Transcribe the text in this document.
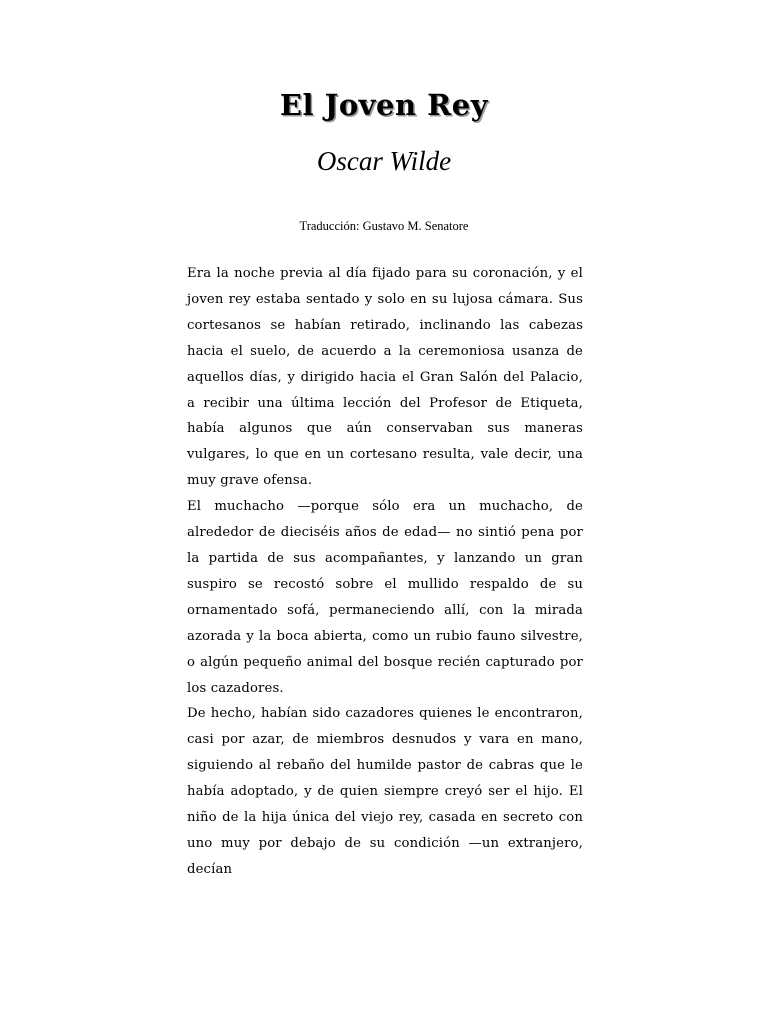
El Joven Rey
Oscar Wilde
Traducción: Gustavo M. Senatore

Era la noche previa al día fijado para su coronación, y el joven rey estaba sentado y solo en su lujosa cámara. Sus cortesanos se habían retirado, inclinando las cabezas hacia el suelo, de acuerdo a la ceremoniosa usanza de aquellos días, y dirigido hacia el Gran Salón del Palacio, a recibir una última lección del Profesor de Etiqueta, había algunos que aún conservaban sus maneras vulgares, lo que en un cortesano resulta, vale decir, una muy grave ofensa.

El muchacho —porque sólo era un muchacho, de alrededor de dieciséis años de edad— no sintió pena por la partida de sus acompañantes, y lanzando un gran suspiro se recostó sobre el mullido respaldo de su ornamentado sofá, permaneciendo allí, con la mirada azorada y la boca abierta, como un rubio fauno silvestre, o algún pequeño animal del bosque recién capturado por los cazadores.

De hecho, habían sido cazadores quienes le encontraron, casi por azar, de miembros desnudos y vara en mano, siguiendo al rebaño del humilde pastor de cabras que le había adoptado, y de quien siempre creyó ser el hijo. El niño de la hija única del viejo rey, casada en secreto con uno muy por debajo de su condición —un extranjero, decían
